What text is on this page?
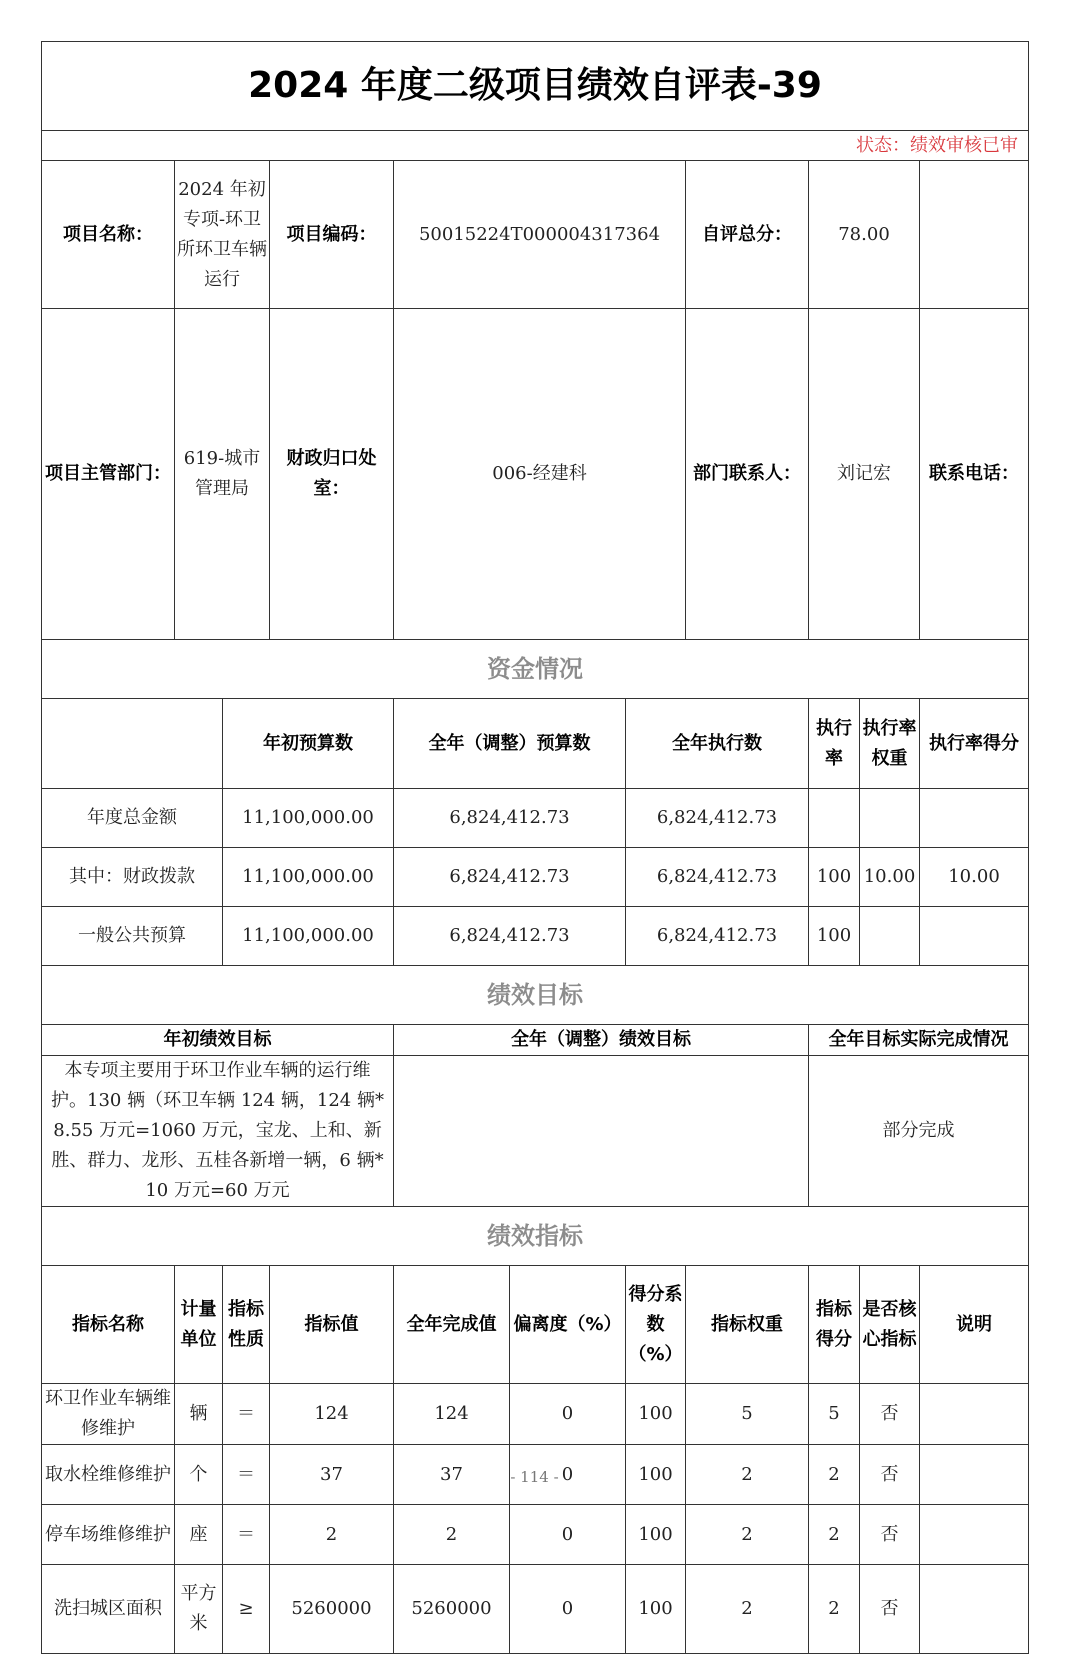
2024 年度二级项目绩效自评表-39											
状态：绩效审核已审											
项目名称：	2024 年初专项-环卫所环卫车辆运行		项目编码：	50015224T000004317364			自评总分：	78.00			
项目主管部门：	619-城市管理局		财政归口处室：	006-经建科			部门联系人：	刘记宏		联系电话：	
资金情况											
		年初预算数		全年（调整）预算数		全年执行数		执行率	执行率权重	执行率得分	
年度总金额		11,100,000.00		6,824,412.73		6,824,412.73					
其中：财政拨款		11,100,000.00		6,824,412.73		6,824,412.73		100	10.00	10.00	
一般公共预算		11,100,000.00		6,824,412.73		6,824,412.73		100			
绩效目标											
年初绩效目标				全年（调整）绩效目标				全年目标实际完成情况			
本专项主要用于环卫作业车辆的运行维护。130 辆（环卫车辆 124 辆，124 辆*8.55 万元=1060 万元，宝龙、上和、新胜、群力、龙形、五桂各新增一辆，6 辆*10 万元=60 万元								部分完成			
绩效指标											
指标名称	计量单位	指标性质	指标值	全年完成值	偏离度（%）	得分系数（%）	指标权重	指标得分	是否核心指标	说明	
环卫作业车辆维修维护	辆	＝	124	124	0	100	5	5	否		
取水栓维修维护	个	＝	37	37	0	100	2	2	否		
停车场维修维护	座	＝	2	2	0	100	2	2	否		
洗扫城区面积	平方米	≥	5260000	5260000	0	100	2	2	否		
- 114 -
